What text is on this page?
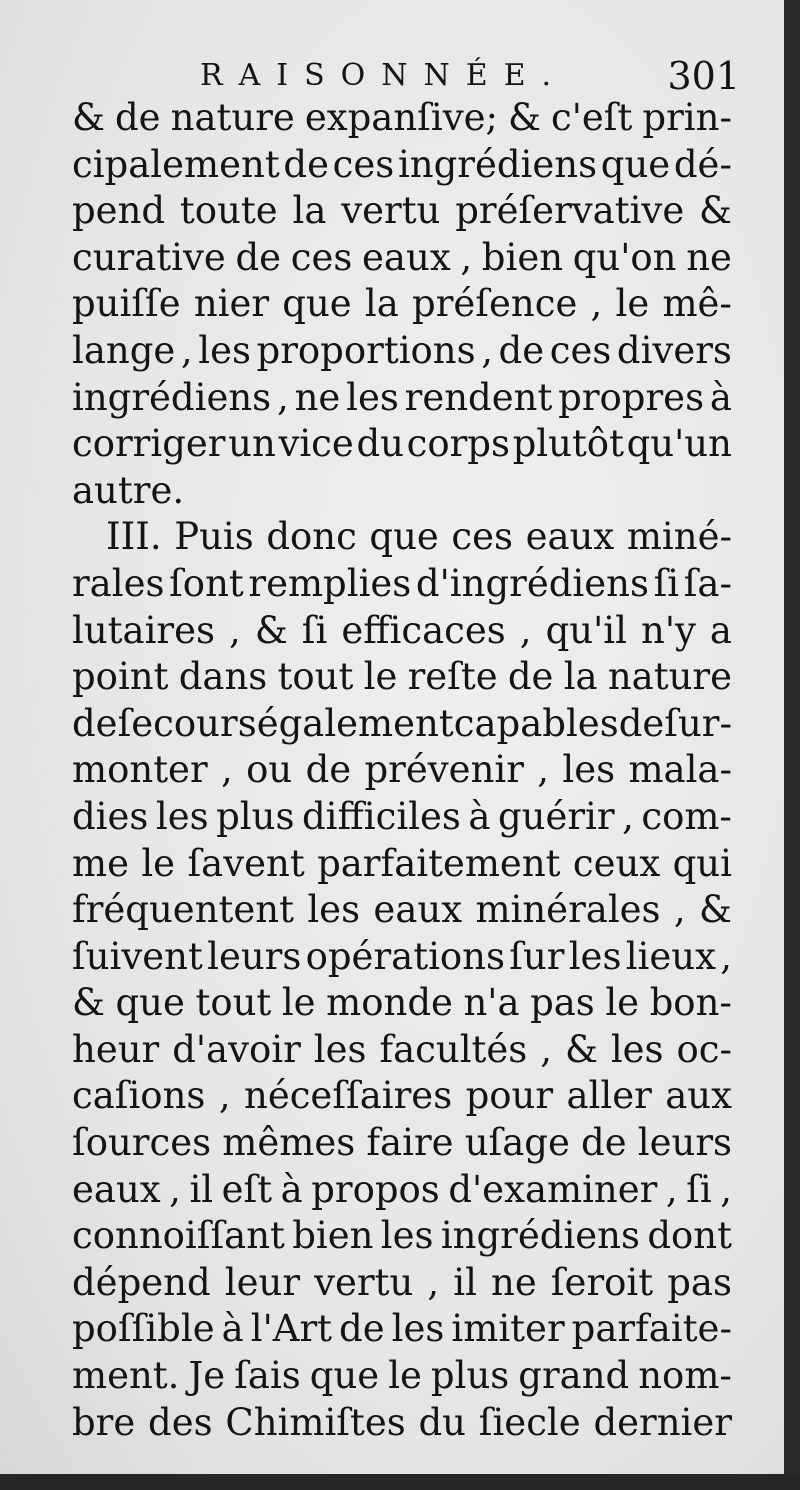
RAISONNÉE.	301
& de nature expanſive; & c'eſt prin-
cipalement de ces ingrédiens que dé-
pend toute la vertu préſervative &
curative de ces eaux , bien qu'on ne
puiſſe nier que la préſence , le mê-
lange , les proportions , de ces divers
ingrédiens , ne les rendent propres à
corriger un vice du corps plutôt qu'un
autre.
III. Puis donc que ces eaux miné-
rales ſont remplies d'ingrédiens ſi ſa-
lutaires , & ſi efficaces , qu'il n'y a
point dans tout le reſte de la nature
de ſecours également capables de ſur-
monter , ou de prévenir , les mala-
dies les plus difficiles à guérir , com-
me le ſavent parfaitement ceux qui
fréquentent les eaux minérales , &
ſuivent leurs opérations ſur les lieux ,
& que tout le monde n'a pas le bon-
heur d'avoir les facultés , & les oc-
caſions , néceſſaires pour aller aux
ſources mêmes faire uſage de leurs
eaux , il eſt à propos d'examiner , ſi ,
connoiſſant bien les ingrédiens dont
dépend leur vertu , il ne ſeroit pas
poſſible à l'Art de les imiter parfaite-
ment. Je ſais que le plus grand nom-
bre des Chimiſtes du ſiecle dernier
